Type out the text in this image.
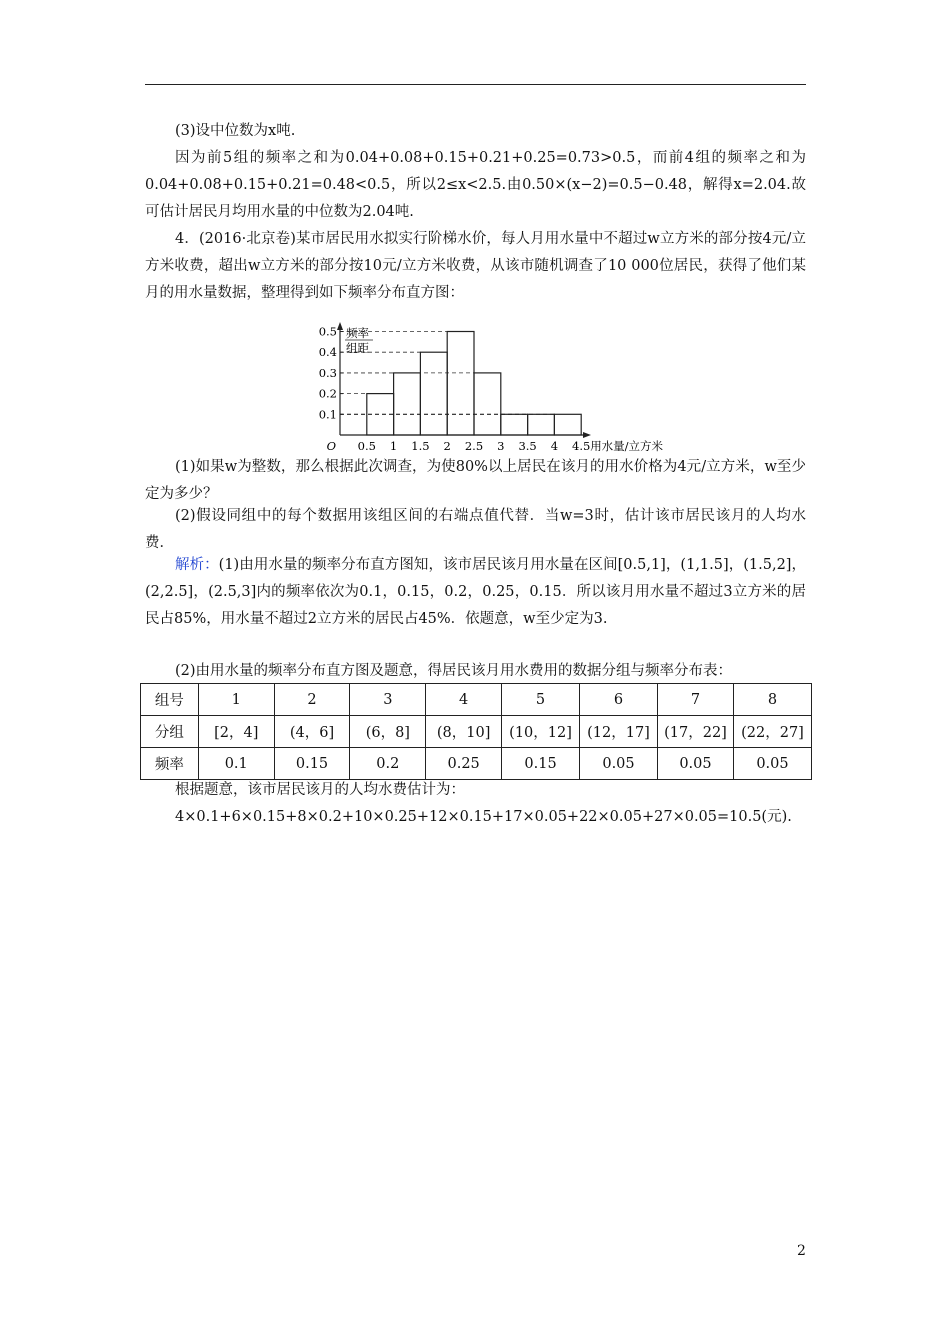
(3)设中位数为x吨.

因为前5组的频率之和为0.04+0.08+0.15+0.21+0.25=0.73>0.5，而前4组的频率之和为0.04+0.08+0.15+0.21=0.48<0.5，所以2≤x<2.5.由0.50×(x−2)=0.5−0.48，解得x=2.04.故可估计居民月均用水量的中位数为2.04吨.

4．(2016·北京卷)某市居民用水拟实行阶梯水价，每人月用水量中不超过w立方米的部分按4元/立方米收费，超出w立方米的部分按10元/立方米收费，从该市随机调查了10 000位居民，获得了他们某月的用水量数据，整理得到如下频率分布直方图：

频率
组距
0.1
0.2
0.3
0.4
0.5
0.5 1 1.5 2 2.5 3 3.5 4 4.5
O	用水量/立方米

(1)如果w为整数，那么根据此次调查，为使80%以上居民在该月的用水价格为4元/立方米，w至少定为多少？

(2)假设同组中的每个数据用该组区间的右端点值代替．当w=3时，估计该市居民该月的人均水费．

解析：(1)由用水量的频率分布直方图知，该市居民该月用水量在区间[0.5,1]，(1,1.5]，(1.5,2]，(2,2.5]，(2.5,3]内的频率依次为0.1，0.15，0.2，0.25，0.15．所以该月用水量不超过3立方米的居民占85%，用水量不超过2立方米的居民占45%．依题意，w至少定为3.

(2)由用水量的频率分布直方图及题意，得居民该月用水费用的数据分组与频率分布表：

组号	1	2	3	4	5	6	7	8
分组	[2，4]	(4，6]	(6，8]	(8，10]	(10，12]	(12，17]	(17，22]	(22，27]
频率	0.1	0.15	0.2	0.25	0.15	0.05	0.05	0.05

根据题意，该市居民该月的人均水费估计为：

4×0.1+6×0.15+8×0.2+10×0.25+12×0.15+17×0.05+22×0.05+27×0.05=10.5(元).

2
